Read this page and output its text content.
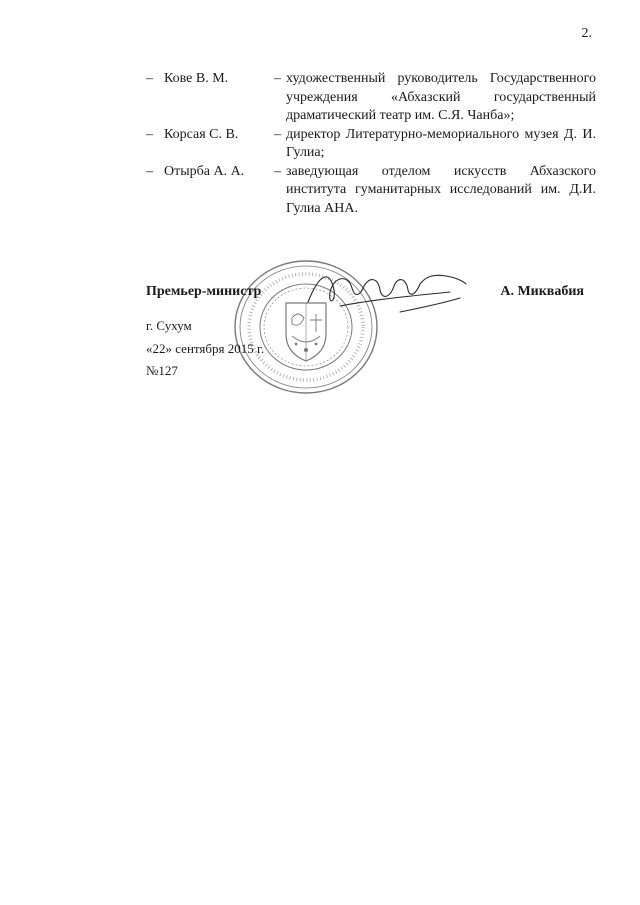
2.
– Кове В. М.	– художественный руководитель Государственного учреждения «Абхазский государственный драматический театр им. С.Я. Чанба»;
– Корсая С. В.	– директор Литературно-мемориального музея Д. И. Гулиа;
– Отырба А. А.	– заведующая отделом искусств Абхазского института гуманитарных исследований им. Д.И. Гулиа АНА.
Премьер-министр	А. Миквабия
г. Сухум
«22» сентября 2015 г.
№127
